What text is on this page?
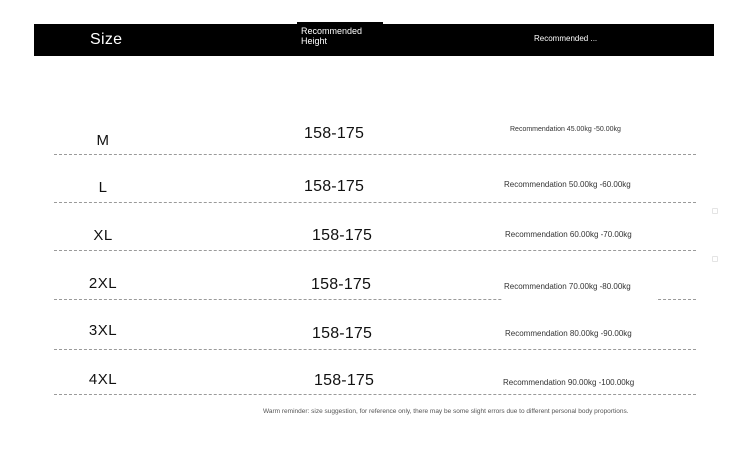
Size	Recommended Height	Recommended ...
M	158-175	Recommendation 45.00kg -50.00kg
L	158-175	Recommendation 50.00kg -60.00kg
XL	158-175	Recommendation 60.00kg -70.00kg
2XL	158-175	Recommendation 70.00kg -80.00kg
3XL	158-175	Recommendation 80.00kg -90.00kg
4XL	158-175	Recommendation 90.00kg -100.00kg
Warm reminder: size suggestion, for reference only, there may be some slight errors due to different personal body proportions.
